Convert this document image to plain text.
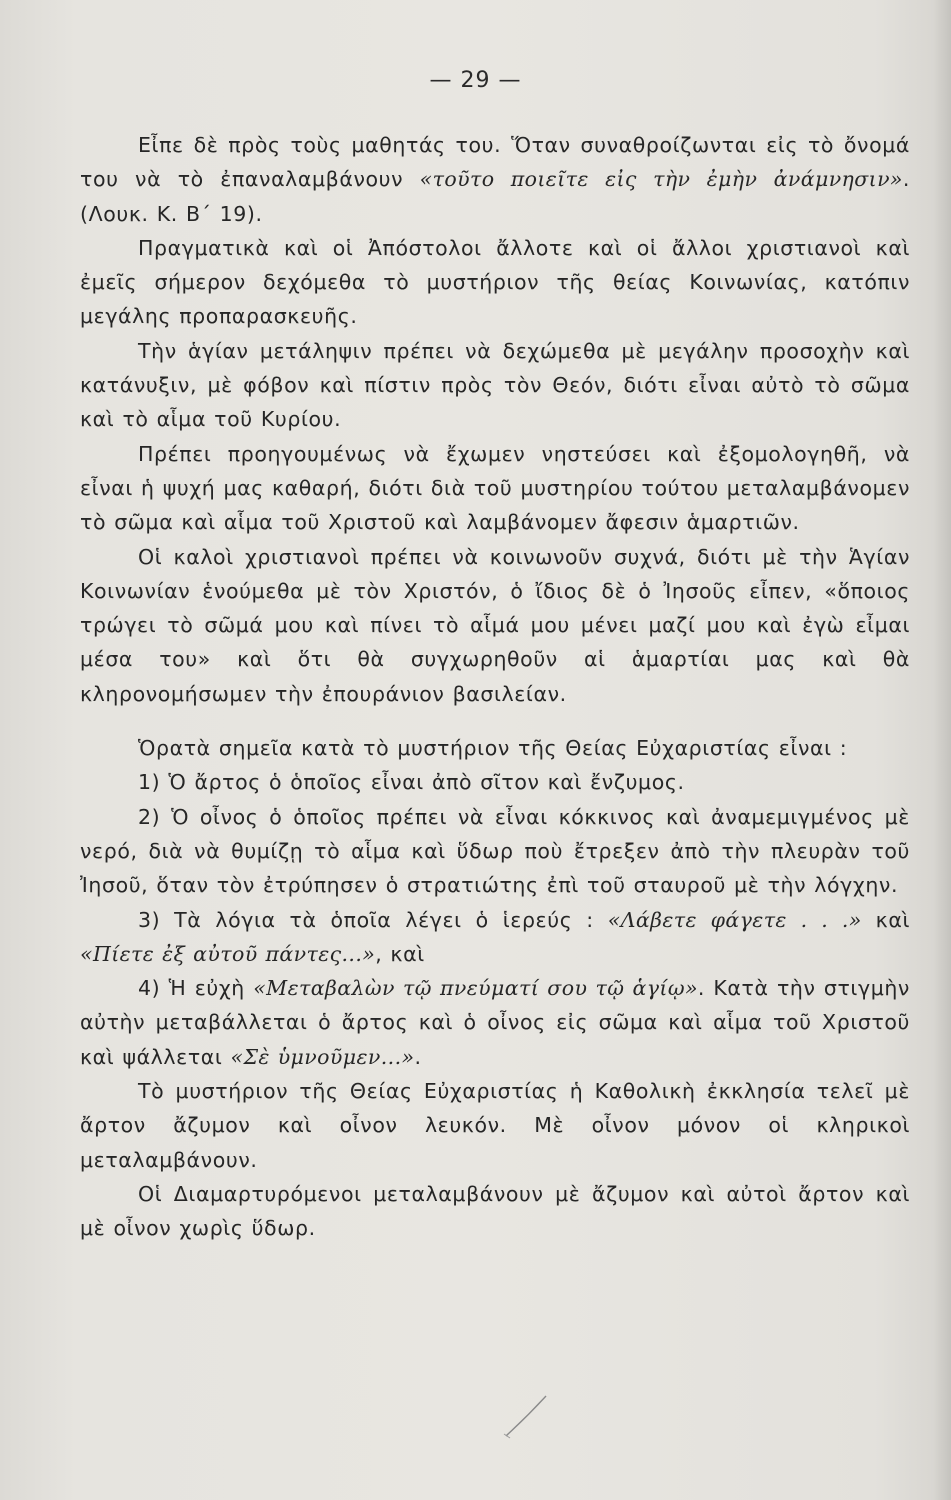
— 29 —

Εἶπε δὲ πρὸς τοὺς μαθητάς του. Ὅταν συναθροίζωνται εἰς τὸ ὄνομά του νὰ τὸ ἐπαναλαμβάνουν «τοῦτο ποιεῖτε εἰς τὴν ἐμὴν ἀνάμνησιν». (Λουκ. Κ. Β΄ 19).

Πραγματικὰ καὶ οἱ Ἀπόστολοι ἄλλοτε καὶ οἱ ἄλλοι χριστιανοὶ καὶ ἐμεῖς σήμερον δεχόμεθα τὸ μυστήριον τῆς θείας Κοινωνίας, κατόπιν μεγάλης προπαρασκευῆς.

Τὴν ἁγίαν μετάληψιν πρέπει νὰ δεχώμεθα μὲ μεγάλην προσοχὴν καὶ κατάνυξιν, μὲ φόβον καὶ πίστιν πρὸς τὸν Θεόν, διότι εἶναι αὐτὸ τὸ σῶμα καὶ τὸ αἷμα τοῦ Κυρίου.

Πρέπει προηγουμένως νὰ ἔχωμεν νηστεύσει καὶ ἐξομολογηθῆ, νὰ εἶναι ἡ ψυχή μας καθαρή, διότι διὰ τοῦ μυστηρίου τούτου μεταλαμβάνομεν τὸ σῶμα καὶ αἷμα τοῦ Χριστοῦ καὶ λαμβάνομεν ἄφεσιν ἁμαρτιῶν.

Οἱ καλοὶ χριστιανοὶ πρέπει νὰ κοινωνοῦν συχνά, διότι μὲ τὴν Ἁγίαν Κοινωνίαν ἑνούμεθα μὲ τὸν Χριστόν, ὁ ἴδιος δὲ ὁ Ἰησοῦς εἶπεν, «ὅποιος τρώγει τὸ σῶμά μου καὶ πίνει τὸ αἷμά μου μένει μαζί μου καὶ ἐγὼ εἶμαι μέσα του» καὶ ὅτι θὰ συγχωρηθοῦν αἱ ἁμαρτίαι μας καὶ θὰ κληρονομήσωμεν τὴν ἐπουράνιον βασιλείαν.

Ὁρατὰ σημεῖα κατὰ τὸ μυστήριον τῆς Θείας Εὐχαριστίας εἶναι :

1) Ὁ ἄρτος ὁ ὁποῖος εἶναι ἀπὸ σῖτον καὶ ἔνζυμος.

2) Ὁ οἶνος ὁ ὁποῖος πρέπει νὰ εἶναι κόκκινος καὶ ἀναμεμιγμένος μὲ νερό, διὰ νὰ θυμίζῃ τὸ αἷμα καὶ ὕδωρ ποὺ ἔτρεξεν ἀπὸ τὴν πλευρὰν τοῦ Ἰησοῦ, ὅταν τὸν ἐτρύπησεν ὁ στρατιώτης ἐπὶ τοῦ σταυροῦ μὲ τὴν λόγχην.

3) Τὰ λόγια τὰ ὁποῖα λέγει ὁ ἱερεύς : «Λάβετε φάγετε . . .» καὶ «Πίετε ἐξ αὐτοῦ πάντες...», καὶ

4) Ἡ εὐχὴ «Μεταβαλὼν τῷ πνεύματί σου τῷ ἁγίῳ». Κατὰ τὴν στιγμὴν αὐτὴν μεταβάλλεται ὁ ἄρτος καὶ ὁ οἶνος εἰς σῶμα καὶ αἷμα τοῦ Χριστοῦ καὶ ψάλλεται «Σὲ ὑμνοῦμεν...».

Τὸ μυστήριον τῆς Θείας Εὐχαριστίας ἡ Καθολικὴ ἐκκλησία τελεῖ μὲ ἄρτον ἄζυμον καὶ οἶνον λευκόν. Μὲ οἶνον μόνον οἱ κληρικοὶ μεταλαμβάνουν.

Οἱ Διαμαρτυρόμενοι μεταλαμβάνουν μὲ ἄζυμον καὶ αὐτοὶ ἄρτον καὶ μὲ οἶνον χωρὶς ὕδωρ.
